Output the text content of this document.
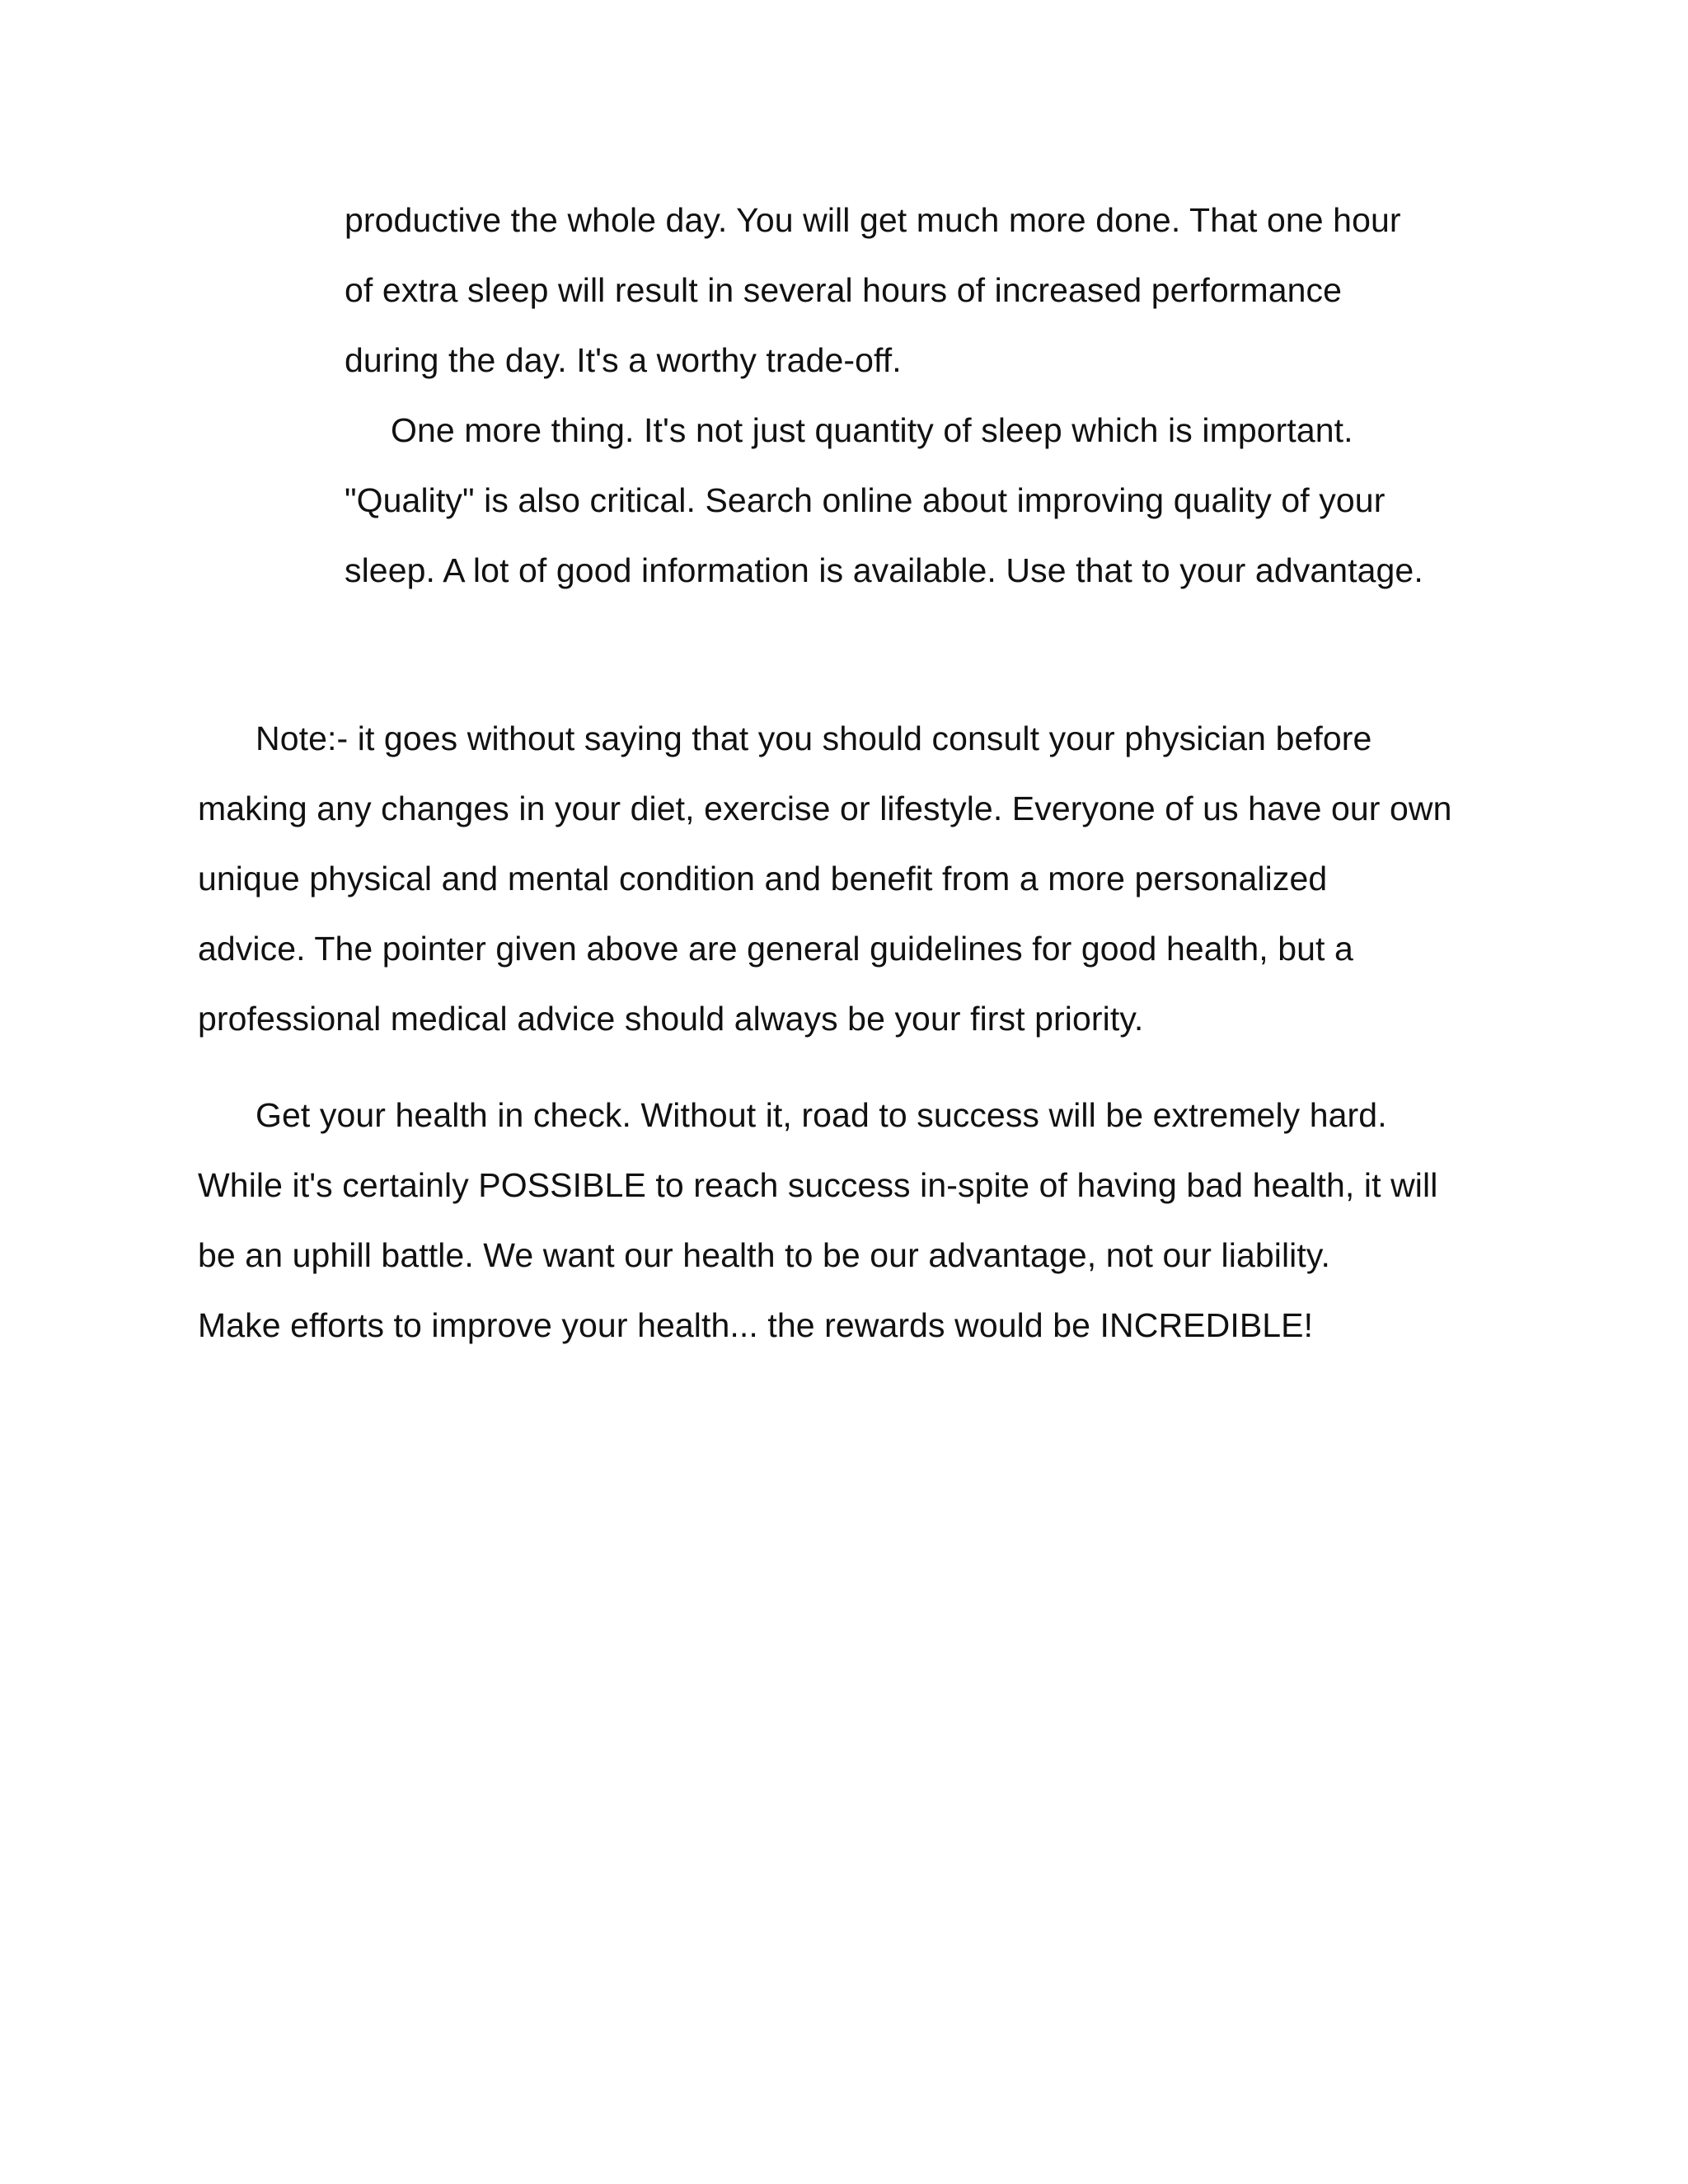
productive the whole day. You will get much more done. That one hour
of extra sleep will result in several hours of increased performance
during the day. It's a worthy trade-off.
One more thing. It's not just quantity of sleep which is important.
"Quality" is also critical. Search online about improving quality of your
sleep. A lot of good information is available. Use that to your advantage.
Note:- it goes without saying that you should consult your physician before
making any changes in your diet, exercise or lifestyle. Everyone of us have our own
unique physical and mental condition and benefit from a more personalized
advice. The pointer given above are general guidelines for good health, but a
professional medical advice should always be your first priority.
Get your health in check. Without it, road to success will be extremely hard.
While it's certainly POSSIBLE to reach success in-spite of having bad health, it will
be an uphill battle. We want our health to be our advantage, not our liability.
Make efforts to improve your health... the rewards would be INCREDIBLE!
